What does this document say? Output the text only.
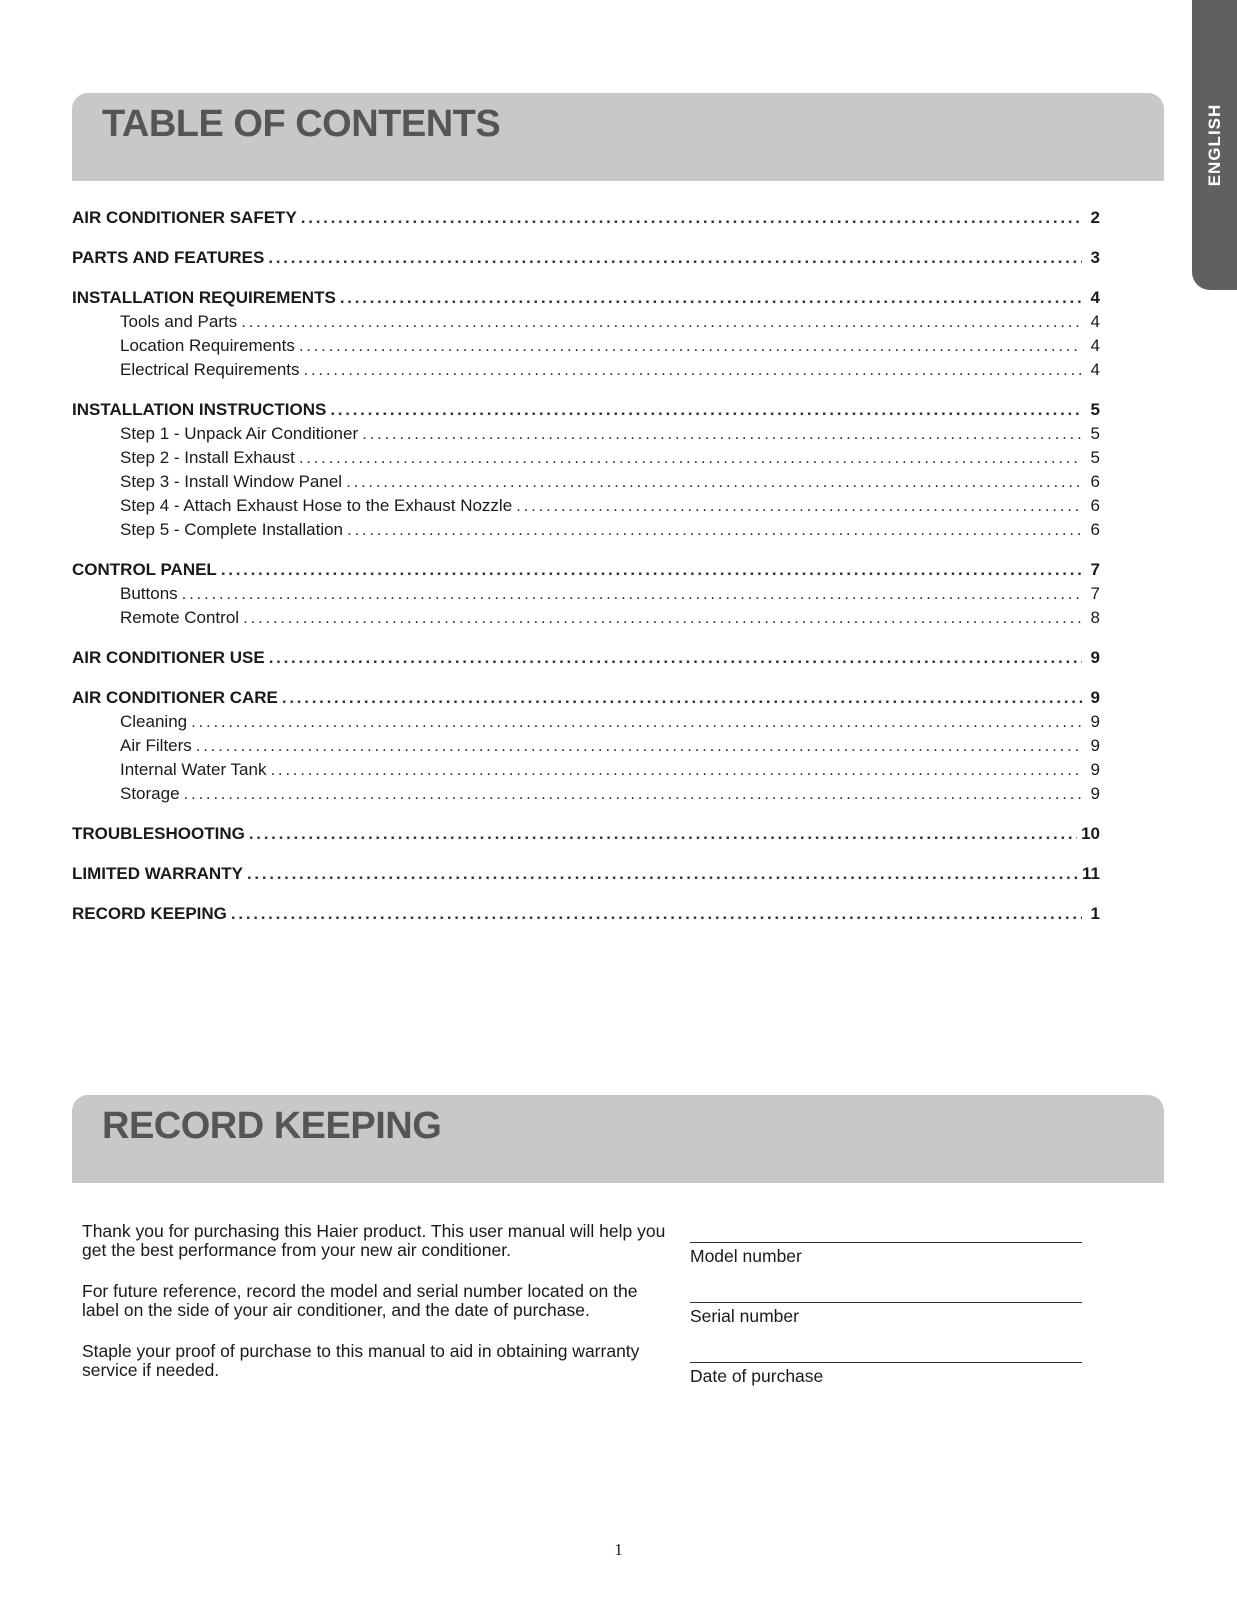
ENGLISH
TABLE OF CONTENTS
AIR CONDITIONER SAFETY . . .	2
PARTS AND FEATURES . . .	3
INSTALLATION REQUIREMENTS . . .	4
Tools and Parts . . .	4
Location Requirements . . .	4
Electrical Requirements . . .	4
INSTALLATION INSTRUCTIONS . . .	5
Step 1 - Unpack Air Conditioner . . .	5
Step 2 - Install Exhaust . . .	5
Step 3 - Install Window Panel . . .	6
Step 4 - Attach Exhaust Hose to the Exhaust Nozzle . . .	6
Step 5 - Complete Installation . . .	6
CONTROL PANEL . . .	7
Buttons . . .	7
Remote Control . . .	8
AIR CONDITIONER USE . . .	9
AIR CONDITIONER CARE . . .	9
Cleaning . . .	9
Air Filters . . .	9
Internal Water Tank . . .	9
Storage . . .	9
TROUBLESHOOTING . . .	10
LIMITED WARRANTY . . .	11
RECORD KEEPING . . .	1
RECORD KEEPING

Thank you for purchasing this Haier product. This user manual will help you get the best performance from your new air conditioner.

For future reference, record the model and serial number located on the label on the side of your air conditioner, and the date of purchase.

Staple your proof of purchase to this manual to aid in obtaining warranty service if needed.

Model number
Serial number
Date of purchase
1
